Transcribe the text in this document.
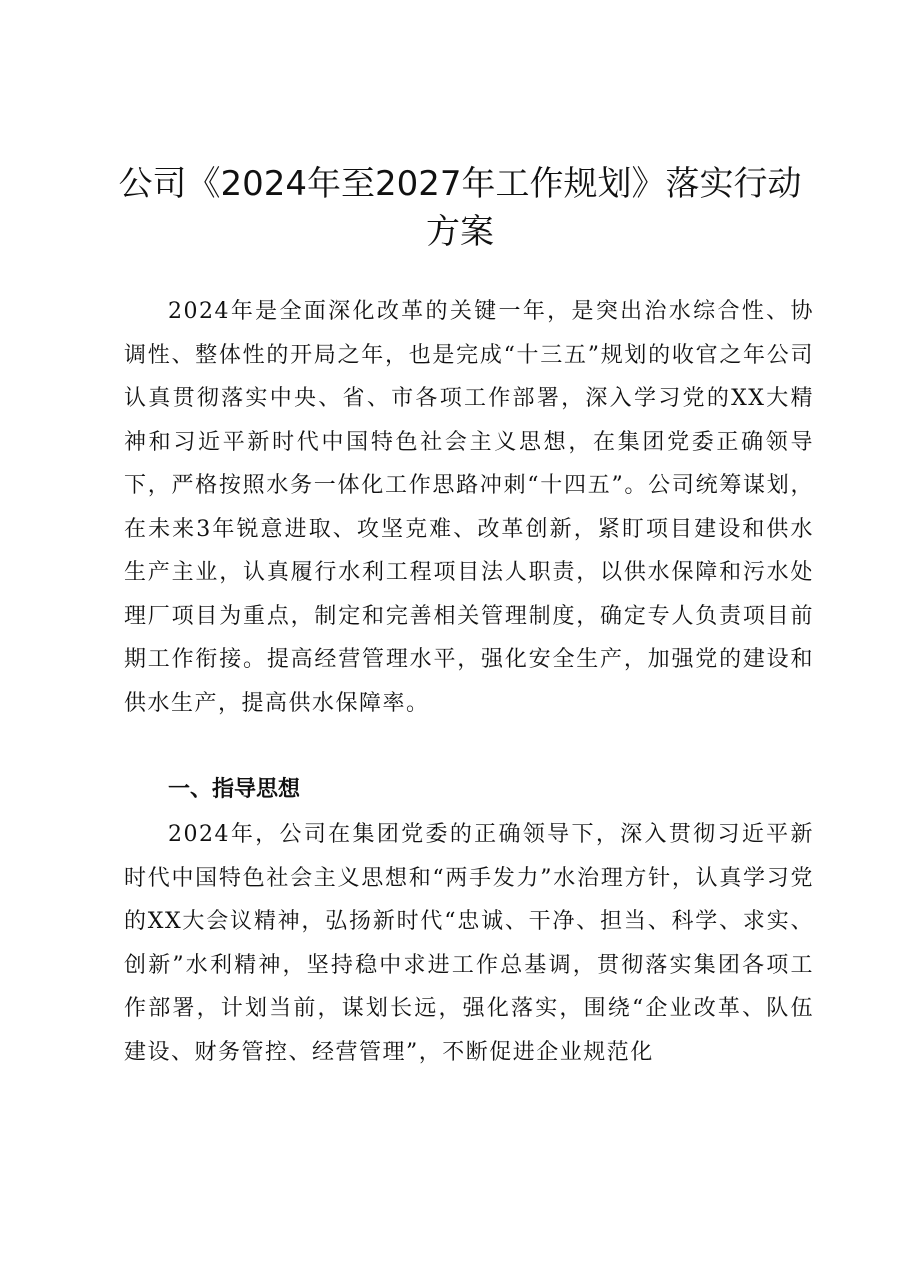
公司《2024年至2027年工作规划》落实行动方案

2024年是全面深化改革的关键一年，是突出治水综合性、协调性、整体性的开局之年，也是完成“十三五”规划的收官之年公司认真贯彻落实中央、省、市各项工作部署，深入学习党的XX大精神和习近平新时代中国特色社会主义思想，在集团党委正确领导下，严格按照水务一体化工作思路冲刺“十四五”。公司统筹谋划，在未来3年锐意进取、攻坚克难、改革创新，紧盯项目建设和供水生产主业，认真履行水利工程项目法人职责，以供水保障和污水处理厂项目为重点，制定和完善相关管理制度，确定专人负责项目前期工作衔接。提高经营管理水平，强化安全生产，加强党的建设和供水生产，提高供水保障率。

一、指导思想

2024年，公司在集团党委的正确领导下，深入贯彻习近平新时代中国特色社会主义思想和“两手发力”水治理方针，认真学习党的XX大会议精神，弘扬新时代“忠诚、干净、担当、科学、求实、创新”水利精神，坚持稳中求进工作总基调，贯彻落实集团各项工作部署，计划当前，谋划长远，强化落实，围绕“企业改革、队伍建设、财务管控、经营管理”，不断促进企业规范化
